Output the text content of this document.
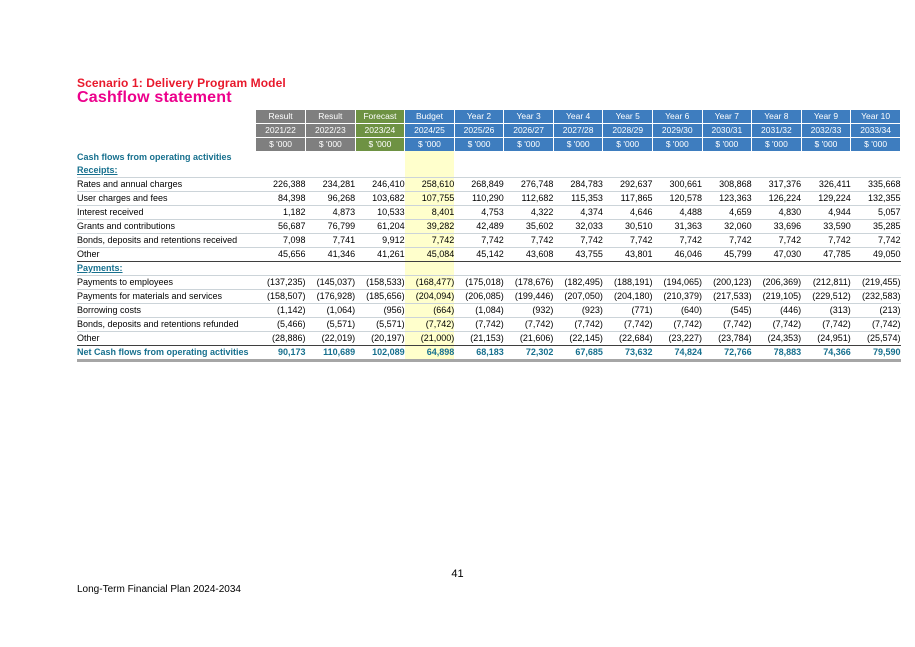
Scenario 1: Delivery Program Model
Cashflow statement
	Result	Result	Forecast	Budget	Year 2	Year 3	Year 4	Year 5	Year 6	Year 7	Year 8	Year 9	Year 10
	2021/22	2022/23	2023/24	2024/25	2025/26	2026/27	2027/28	2028/29	2029/30	2030/31	2031/32	2032/33	2033/34
	$ '000	$ '000	$ '000	$ '000	$ '000	$ '000	$ '000	$ '000	$ '000	$ '000	$ '000	$ '000	$ '000
Cash flows from operating activities													
Receipts:													
Rates and annual charges	226,388	234,281	246,410	258,610	268,849	276,748	284,783	292,637	300,661	308,868	317,376	326,411	335,668
User charges and fees	84,398	96,268	103,682	107,755	110,290	112,682	115,353	117,865	120,578	123,363	126,224	129,224	132,355
Interest received	1,182	4,873	10,533	8,401	4,753	4,322	4,374	4,646	4,488	4,659	4,830	4,944	5,057
Grants and contributions	56,687	76,799	61,204	39,282	42,489	35,602	32,033	30,510	31,363	32,060	33,696	33,590	35,285
Bonds, deposits and retentions received	7,098	7,741	9,912	7,742	7,742	7,742	7,742	7,742	7,742	7,742	7,742	7,742	7,742
Other	45,656	41,346	41,261	45,084	45,142	43,608	43,755	43,801	46,046	45,799	47,030	47,785	49,050
Payments:													
Payments to employees	(137,235)	(145,037)	(158,533)	(168,477)	(175,018)	(178,676)	(182,495)	(188,191)	(194,065)	(200,123)	(206,369)	(212,811)	(219,455)
Payments for materials and services	(158,507)	(176,928)	(185,656)	(204,094)	(206,085)	(199,446)	(207,050)	(204,180)	(210,379)	(217,533)	(219,105)	(229,512)	(232,583)
Borrowing costs	(1,142)	(1,064)	(956)	(664)	(1,084)	(932)	(923)	(771)	(640)	(545)	(446)	(313)	(213)
Bonds, deposits and retentions refunded	(5,466)	(5,571)	(5,571)	(7,742)	(7,742)	(7,742)	(7,742)	(7,742)	(7,742)	(7,742)	(7,742)	(7,742)	(7,742)
Other	(28,886)	(22,019)	(20,197)	(21,000)	(21,153)	(21,606)	(22,145)	(22,684)	(23,227)	(23,784)	(24,353)	(24,951)	(25,574)
Net Cash flows from operating activities	90,173	110,689	102,089	64,898	68,183	72,302	67,685	73,632	74,824	72,766	78,883	74,366	79,590
41
Long-Term Financial Plan 2024-2034
